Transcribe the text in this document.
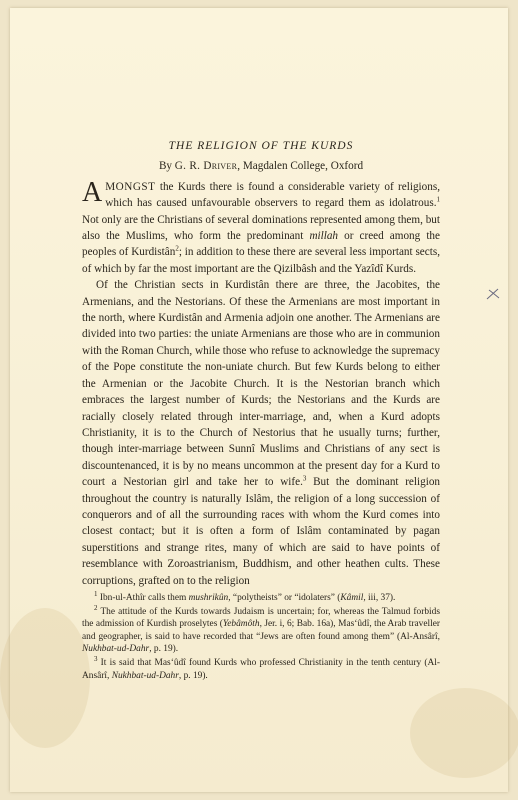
THE RELIGION OF THE KURDS
By G. R. Driver, Magdalen College, Oxford

AMONGST the Kurds there is found a considerable variety of religions, which has caused unfavourable observers to regard them as idolatrous.$^1$ Not only are the Christians of several dominations represented among them, but also the Muslims, who form the predominant millah or creed among the peoples of Kurdistân$^2$; in addition to these there are several less important sects, of which by far the most important are the Qizilbâsh and the Yazîdî Kurds.

Of the Christian sects in Kurdistân there are three, the Jacobites, the Armenians, and the Nestorians. Of these the Armenians are most important in the north, where Kurdistân and Armenia adjoin one another. The Armenians are divided into two parties: the uniate Armenians are those who are in communion with the Roman Church, while those who refuse to acknowledge the supremacy of the Pope constitute the non-uniate church. But few Kurds belong to either the Armenian or the Jacobite Church. It is the Nestorian branch which embraces the largest number of Kurds; the Nestorians and the Kurds are racially closely related through inter-marriage, and, when a Kurd adopts Christianity, it is to the Church of Nestorius that he usually turns; further, though inter-marriage between Sunnî Muslims and Christians of any sect is discountenanced, it is by no means uncommon at the present day for a Kurd to court a Nestorian girl and take her to wife.$^3$ But the dominant religion throughout the country is naturally Islâm, the religion of a long succession of conquerors and of all the surrounding races with whom the Kurd comes into closest contact; but it is often a form of Islâm contaminated by pagan superstitions and strange rites, many of which are said to have points of resemblance with Zoroastrianism, Buddhism, and other heathen cults. These corruptions, grafted on to the religion

$^1$ Ibn-ul-Athîr calls them mushrikûn, “polytheists” or “idolaters” (Kâmil, iii, 37).

$^2$ The attitude of the Kurds towards Judaism is uncertain; for, whereas the Talmud forbids the admission of Kurdish proselytes (Yebâmôth, Jer. i, 6; Bab. 16a), Mas‘ûdî, the Arab traveller and geographer, is said to have recorded that “Jews are often found among them” (Al-Ansârî, Nukhbat-ud-Dahr, p. 19).

$^3$ It is said that Mas‘ûdî found Kurds who professed Christianity in the tenth century (Al-Ansârî, Nukhbat-ud-Dahr, p. 19).
